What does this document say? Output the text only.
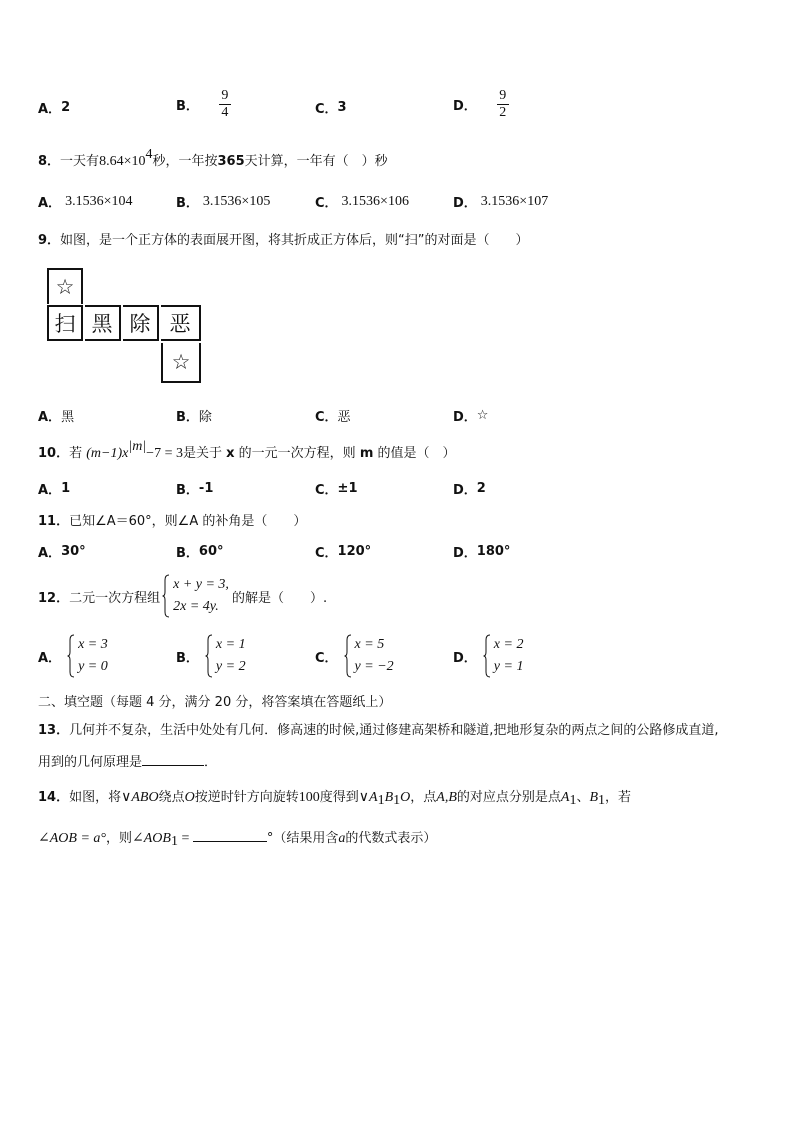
A． 2	B． $\frac{9}{4}$	C． 3	D． $\frac{9}{2}$
8．一天有$8.64\times 10^4$秒，一年按365天计算，一年有（　）秒
A． 3.1536×10 4	B． 3.1536×10 5	C． 3.1536×10 6	D． 3.1536×10 7
9．如图，是一个正方体的表面展开图，将其折成正方体后，则“扫”的对面是（　　）
☆
扫 黑 除 恶
☆
A． 黑	B． 除	C． 恶	D． ☆
10．若 $(m-1)x^{|m|}-7 = 3$是关于 x 的一元一次方程，则 m 的值是（　）
A． 1	B． -1	C． ±1	D． 2
11．已知∠A＝60°，则∠A 的补角是（　　）
A． 30°	B． 60°	C． 120°	D． 180°
12． 二元一次方程组
x + y = 3,
2x = 4y.
的解是（　　）.
A．
x = 3
y = 0
B．
x = 1
y = 2
C．
x = 5
y = −2
D．
x = 2
y = 1
二、填空题（每题 4 分，满分 20 分，将答案填在答题纸上）
13．几何并不复杂，生活中处处有几何．修高速的时候,通过修建高架桥和隧道,把地形复杂的两点之间的公路修成直道,
用到的几何原理是	．
14．如图，将∨ABO绕点O按逆时针方向旋转100度得到$\vee A_1B_1O$，点A,B的对应点分别是点$A_1$、$B_1$，若
∠AOB = a°，则$\angle AOB_1$ =	°（结果用含a的代数式表示）
